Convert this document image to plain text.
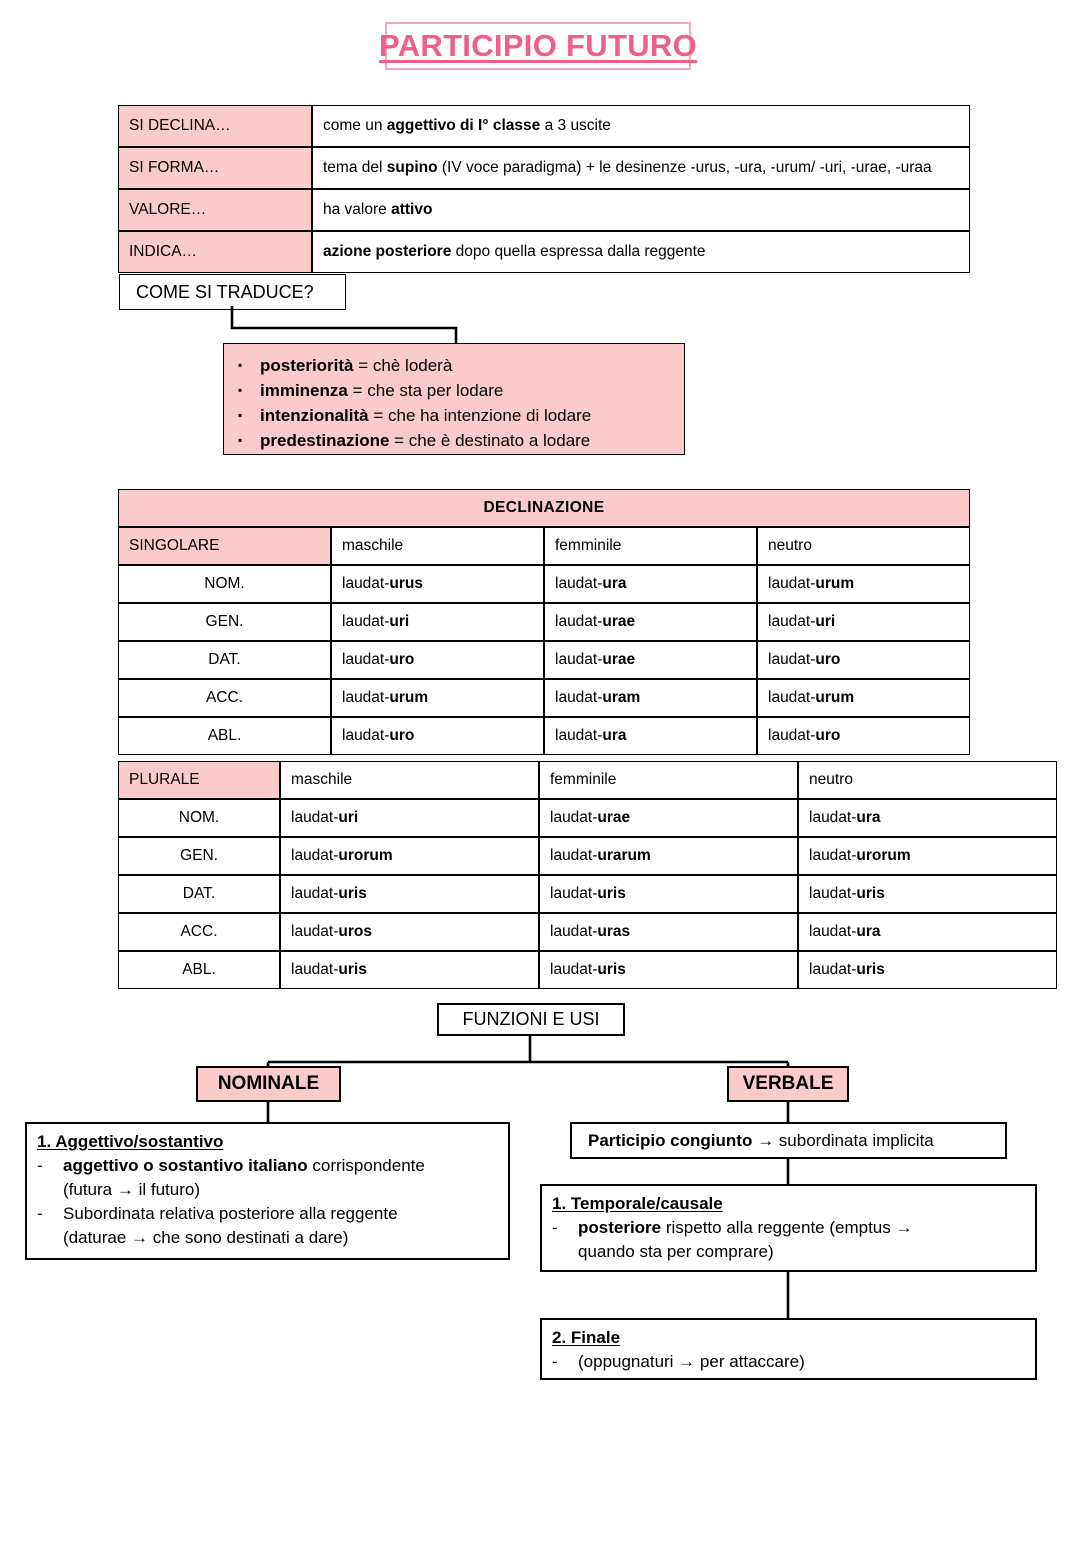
PARTICIPIO FUTURO
SI DECLINA…	come un aggettivo di I° classe a 3 uscite
SI FORMA…	tema del supino (IV voce paradigma) + le desinenze -urus, -ura, -urum/ -uri, -urae, -uraa
VALORE…	ha valore attivo
INDICA…	azione posteriore dopo quella espressa dalla reggente
COME SI TRADUCE?
▪ posteriorità = chè loderà
▪ imminenza = che sta per lodare
▪ intenzionalità = che ha intenzione di lodare
▪ predestinazione = che è destinato a lodare
DECLINAZIONE			
SINGOLARE	maschile	femminile	neutro
NOM.	laudat-urus	laudat-ura	laudat-urum
GEN.	laudat-uri	laudat-urae	laudat-uri
DAT.	laudat-uro	laudat-urae	laudat-uro
ACC.	laudat-urum	laudat-uram	laudat-urum
ABL.	laudat-uro	laudat-ura	laudat-uro
PLURALE	maschile	femminile	neutro
NOM.	laudat-uri	laudat-urae	laudat-ura
GEN.	laudat-urorum	laudat-urarum	laudat-urorum
DAT.	laudat-uris	laudat-uris	laudat-uris
ACC.	laudat-uros	laudat-uras	laudat-ura
ABL.	laudat-uris	laudat-uris	laudat-uris
FUNZIONI E USI
NOMINALE	VERBALE
1. Aggettivo/sostantivo
-	aggettivo o sostantivo italiano corrispondente
(futura → il futuro)
-	Subordinata relativa posteriore alla reggente
(daturae → che sono destinati a dare)
Participio congiunto → subordinata implicita
1. Temporale/causale
-	posteriore rispetto alla reggente (emptus →
quando sta per comprare)
2. Finale
-	(oppugnaturi → per attaccare)
